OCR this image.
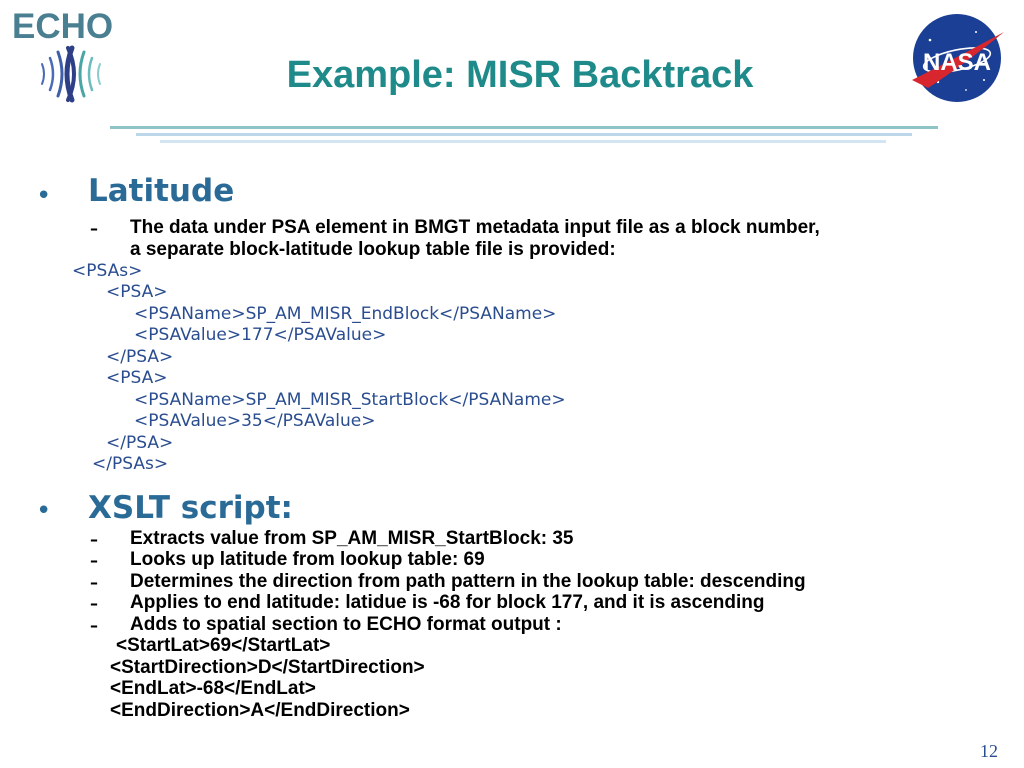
ECHO
NASA
Example: MISR Backtrack
• Latitude
– The data under PSA element in BMGT metadata input file as a block number,
a separate block-latitude lookup table file is provided:
<PSAs>
<PSA>
<PSAName>SP_AM_MISR_EndBlock</PSAName>
<PSAValue>177</PSAValue>
</PSA>
<PSA>
<PSAName>SP_AM_MISR_StartBlock</PSAName>
<PSAValue>35</PSAValue>
</PSA>
</PSAs>
• XSLT script:
– Extracts value from SP_AM_MISR_StartBlock: 35
– Looks up latitude from lookup table: 69
– Determines the direction from path pattern in the lookup table: descending
– Applies to end latitude: latidue is -68 for block 177, and it is ascending
– Adds to spatial section to ECHO format output :
<StartLat>69</StartLat>
<StartDirection>D</StartDirection>
<EndLat>-68</EndLat>
<EndDirection>A</EndDirection>
12
